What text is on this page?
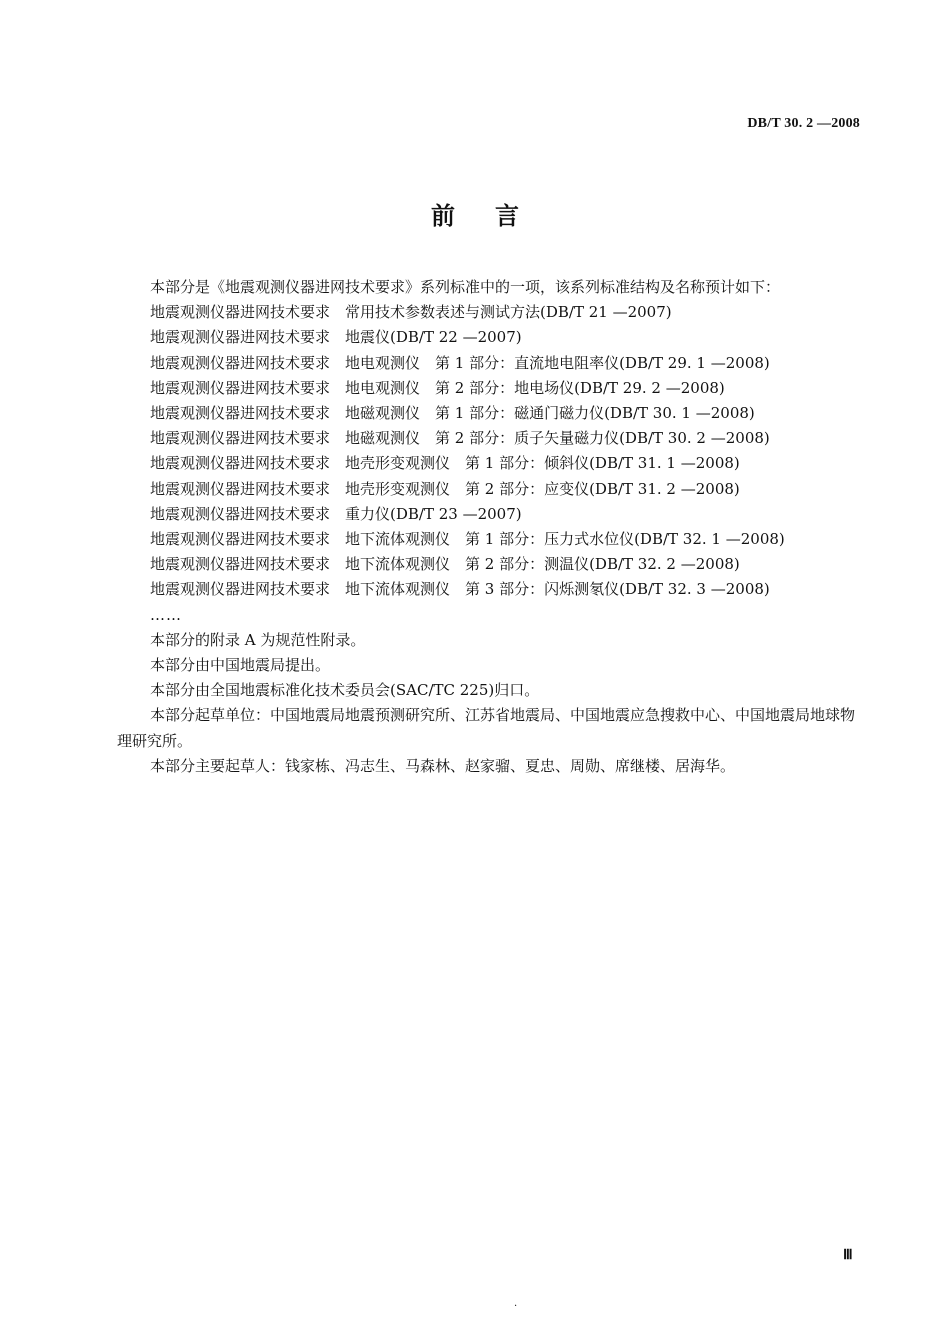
DB/T 30. 2 —2008
前言

本部分是《地震观测仪器进网技术要求》系列标准中的一项，该系列标准结构及名称预计如下：

地震观测仪器进网技术要求　常用技术参数表述与测试方法(DB/T 21 —2007)

地震观测仪器进网技术要求　地震仪(DB/T 22 —2007)

地震观测仪器进网技术要求　地电观测仪　第 1 部分：直流地电阻率仪(DB/T 29. 1 —2008)

地震观测仪器进网技术要求　地电观测仪　第 2 部分：地电场仪(DB/T 29. 2 —2008)

地震观测仪器进网技术要求　地磁观测仪　第 1 部分：磁通门磁力仪(DB/T 30. 1 —2008)

地震观测仪器进网技术要求　地磁观测仪　第 2 部分：质子矢量磁力仪(DB/T 30. 2 —2008)

地震观测仪器进网技术要求　地壳形变观测仪　第 1 部分：倾斜仪(DB/T 31. 1 —2008)

地震观测仪器进网技术要求　地壳形变观测仪　第 2 部分：应变仪(DB/T 31. 2 —2008)

地震观测仪器进网技术要求　重力仪(DB/T 23 —2007)

地震观测仪器进网技术要求　地下流体观测仪　第 1 部分：压力式水位仪(DB/T 32. 1 —2008)

地震观测仪器进网技术要求　地下流体观测仪　第 2 部分：测温仪(DB/T 32. 2 —2008)

地震观测仪器进网技术要求　地下流体观测仪　第 3 部分：闪烁测氡仪(DB/T 32. 3 —2008)

……

本部分的附录 A 为规范性附录。

本部分由中国地震局提出。

本部分由全国地震标准化技术委员会(SAC/TC 225)归口。

本部分起草单位：中国地震局地震预测研究所、江苏省地震局、中国地震应急搜救中心、中国地震局地球物理研究所。

本部分主要起草人：钱家栋、冯志生、马森林、赵家骝、夏忠、周勋、席继楼、居海华。

Ⅲ
.
